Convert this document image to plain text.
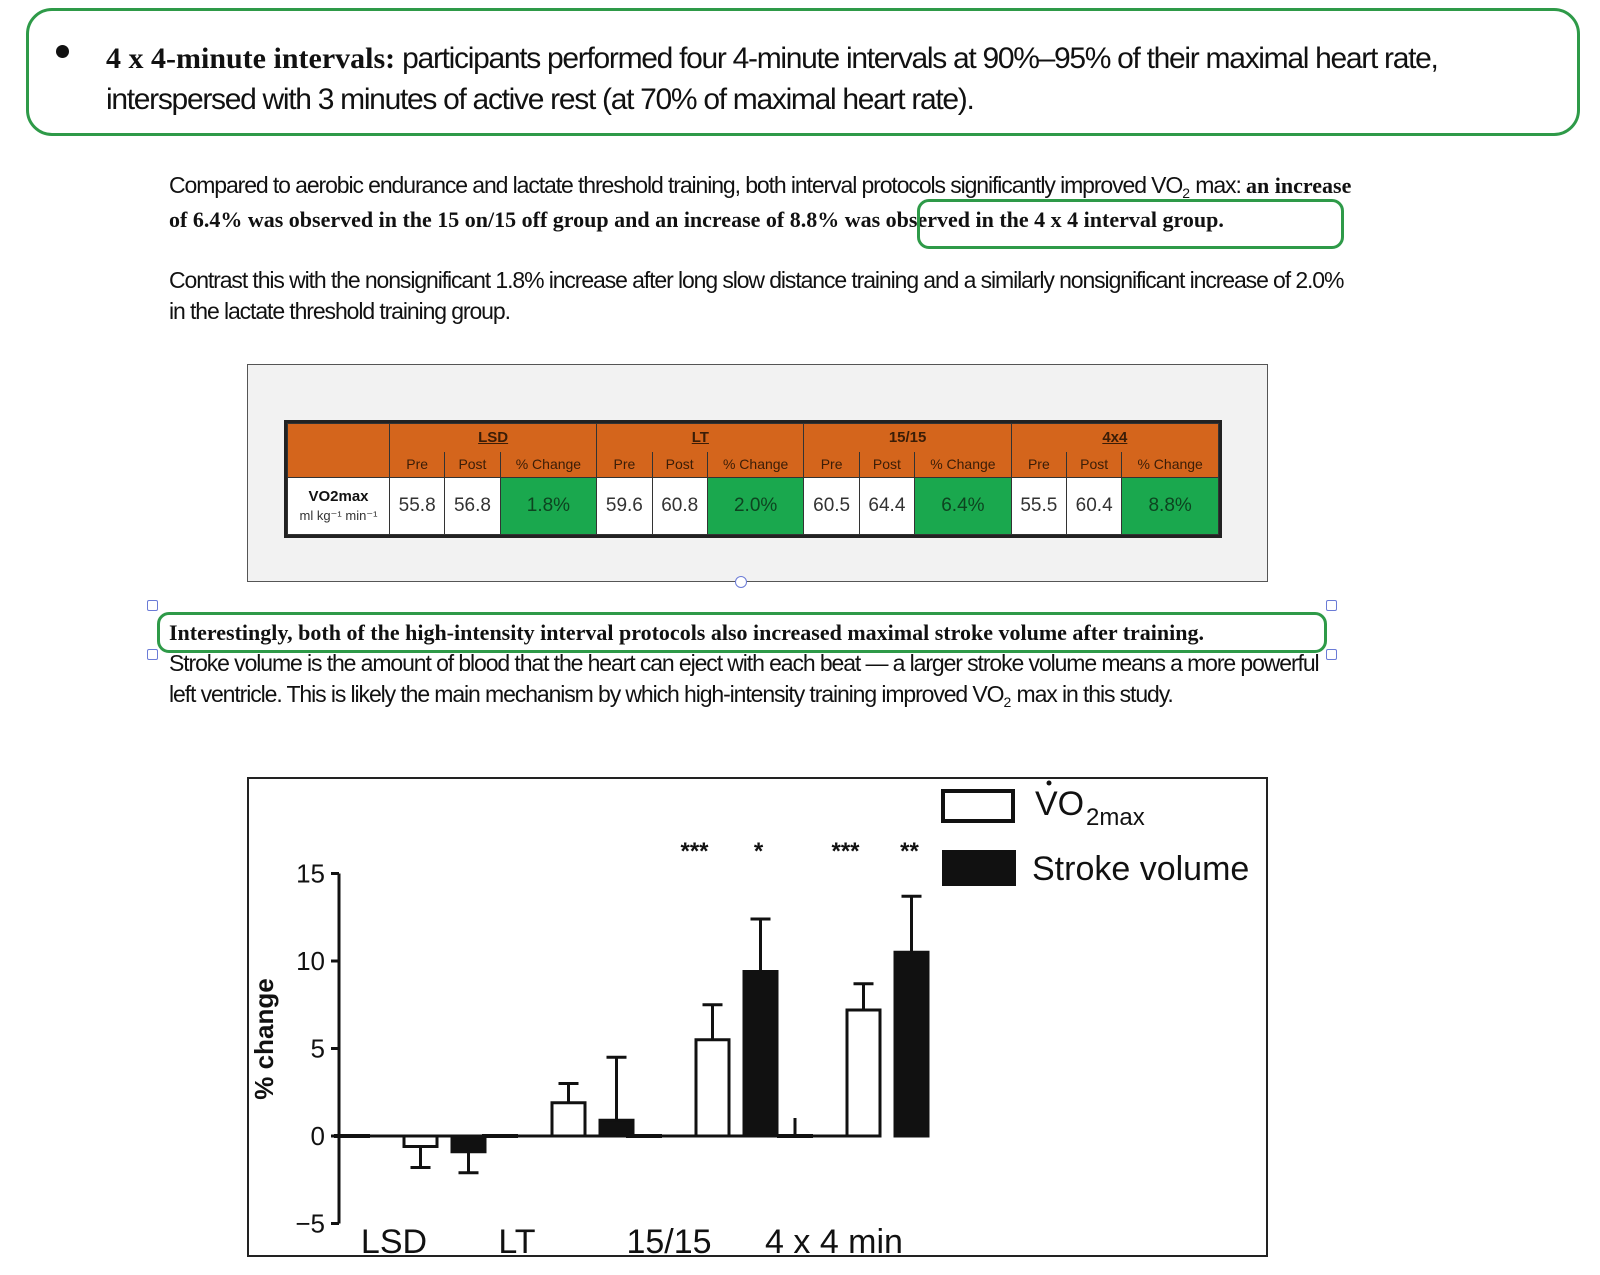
4 x 4-minute intervals: participants performed four 4-minute intervals at 90%–95% of their maximal heart rate, interspersed with 3 minutes of active rest (at 70% of maximal heart rate).
Compared to aerobic endurance and lactate threshold training, both interval protocols significantly improved $VO_2$ max: an increase of 6.4% was observed in the 15 on/15 off group and an increase of 8.8% was observed in the 4 x 4 interval group.
Contrast this with the nonsignificant 1.8% increase after long slow distance training and a similarly nonsignificant increase of 2.0% in the lactate threshold training group.
	LSD			LT			15/15			4x4		
	Pre	Post	% Change	Pre	Post	% Change	Pre	Post	% Change	Pre	Post	% Change

VO2max
ml kg⁻¹ min⁻¹	55.8	56.8	1.8%	59.6	60.8	2.0%	60.5	64.4	6.4%	55.5	60.4	8.8%
Interestingly, both of the high-intensity interval protocols also increased maximal stroke volume after training.
Stroke volume is the amount of blood that the heart can eject with each beat — a larger stroke volume means a more powerful left ventricle. This is likely the main mechanism by which high-intensity training improved $VO_2$ max in this study.
−5
0
5
10
15
% change
*** *	*** **
LSD LT	15/15 4 x 4 min
VO 2max
Stroke volume
